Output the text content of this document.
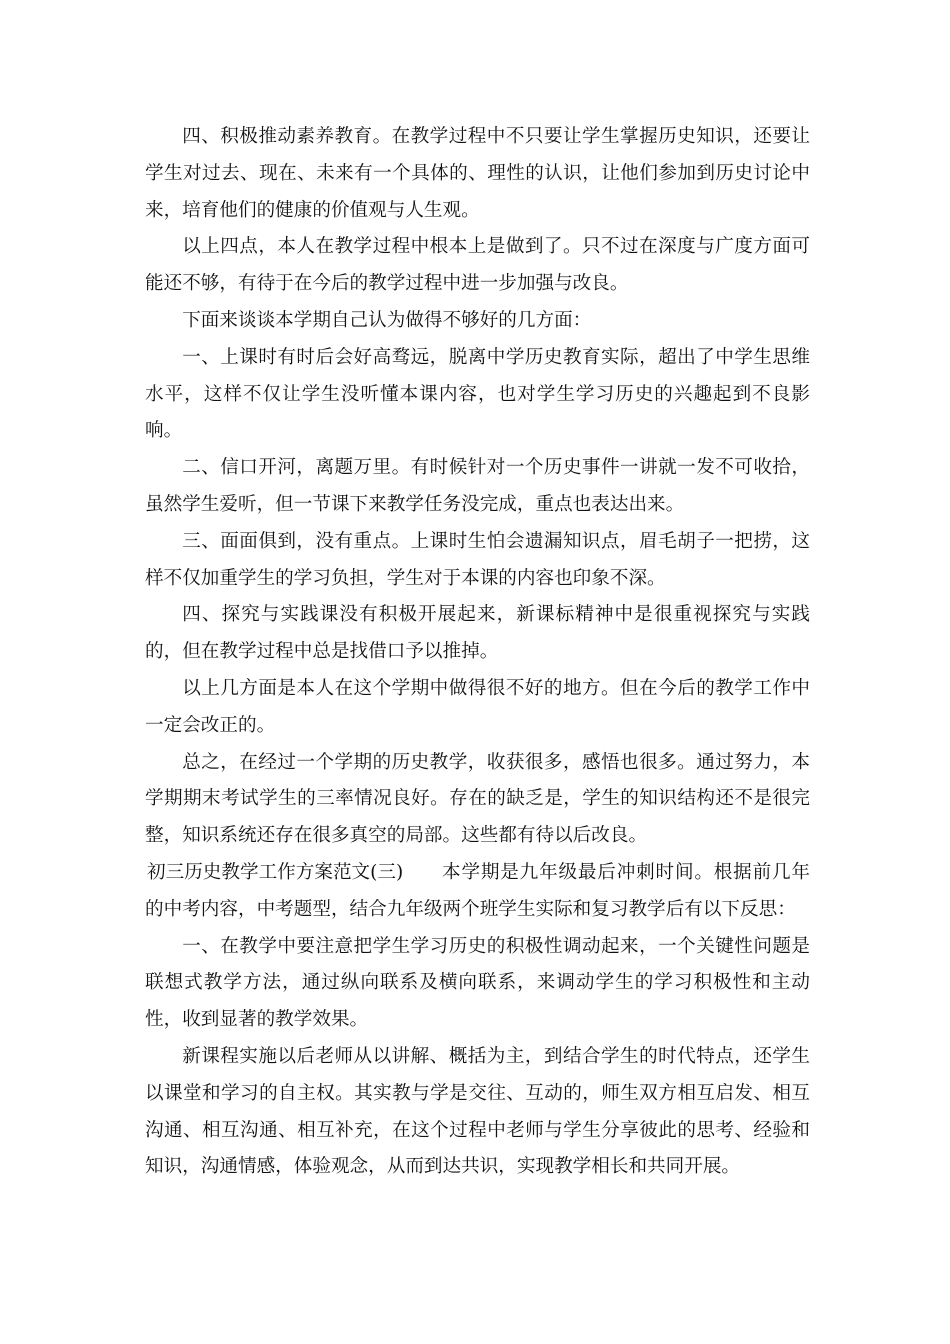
四、积极推动素养教育。在教学过程中不只要让学生掌握历史知识，还要让学生对过去、现在、未来有一个具体的、理性的认识，让他们参加到历史讨论中来，培育他们的健康的价值观与人生观。

以上四点，本人在教学过程中根本上是做到了。只不过在深度与广度方面可能还不够，有待于在今后的教学过程中进一步加强与改良。

下面来谈谈本学期自己认为做得不够好的几方面：

一、上课时有时后会好高骛远，脱离中学历史教育实际，超出了中学生思维水平，这样不仅让学生没听懂本课内容，也对学生学习历史的兴趣起到不良影响。

二、信口开河，离题万里。有时候针对一个历史事件一讲就一发不可收拾，虽然学生爱听，但一节课下来教学任务没完成，重点也表达出来。

三、面面俱到，没有重点。上课时生怕会遗漏知识点，眉毛胡子一把捞，这样不仅加重学生的学习负担，学生对于本课的内容也印象不深。

四、探究与实践课没有积极开展起来，新课标精神中是很重视探究与实践的，但在教学过程中总是找借口予以推掉。

以上几方面是本人在这个学期中做得很不好的地方。但在今后的教学工作中一定会改正的。

总之，在经过一个学期的历史教学，收获很多，感悟也很多。通过努力，本学期期末考试学生的三率情况良好。存在的缺乏是，学生的知识结构还不是很完整，知识系统还存在很多真空的局部。这些都有待以后改良。

初三历史教学工作方案范文(三) 本学期是九年级最后冲刺时间。根据前几年的中考内容，中考题型，结合九年级两个班学生实际和复习教学后有以下反思：

一、在教学中要注意把学生学习历史的积极性调动起来，一个关键性问题是联想式教学方法，通过纵向联系及横向联系，来调动学生的学习积极性和主动性，收到显著的教学效果。

新课程实施以后老师从以讲解、概括为主，到结合学生的时代特点，还学生以课堂和学习的自主权。其实教与学是交往、互动的，师生双方相互启发、相互沟通、相互沟通、相互补充，在这个过程中老师与学生分享彼此的思考、经验和知识，沟通情感，体验观念，从而到达共识，实现教学相长和共同开展。
